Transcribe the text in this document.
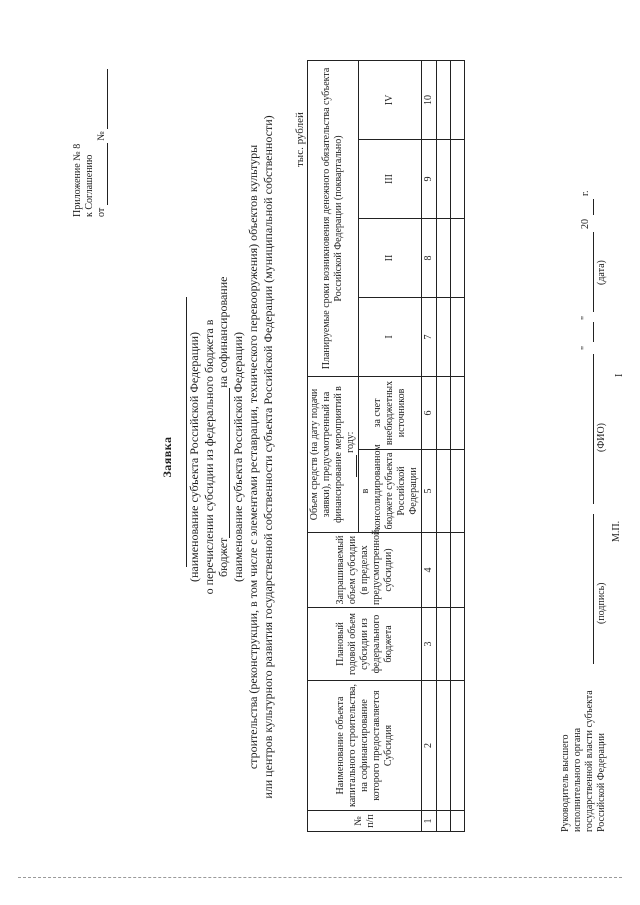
Приложение № 8 к Соглашению от  №
Заявка (наименование субъекта Российской Федерации) о перечислении субсидии из федерального бюджета в бюджетна софинансирование (наименование субъекта Российской Федерации) строительства (реконструкции, в том числе с элементами реставрации, технического перевооружения) объектов культуры или центров культурного развития государственной собственности субъекта Российской Федерации (муниципальной собственности) тыс. рублей
№ п/п	Наименование объекта капитального строительства, на софинансирование которого предоставляется Субсидия	Плановый годовой объем субсидии из федерального бюджета	Запрашиваемый объем субсидии (в пределах предусмотренной субсидии)	Объем средств (на дату подачи заявки), предусмотренный на финансирование мероприятий в  году:		Планируемые сроки возникновения денежного обязательства субъекта Российской Федерации (поквартально)			
				в консолидированном бюджете субъекта Российской Федерации	за счет внебюджетных источников	I	II	III	IV

1	2	3	4	5	6	7	8	9	10

Руководитель высшего исполнительного органа государственной власти субъекта Российской Федерации
(подпись)
(ФИО)
М.П.
"
"
(дата)
20
г.
I
